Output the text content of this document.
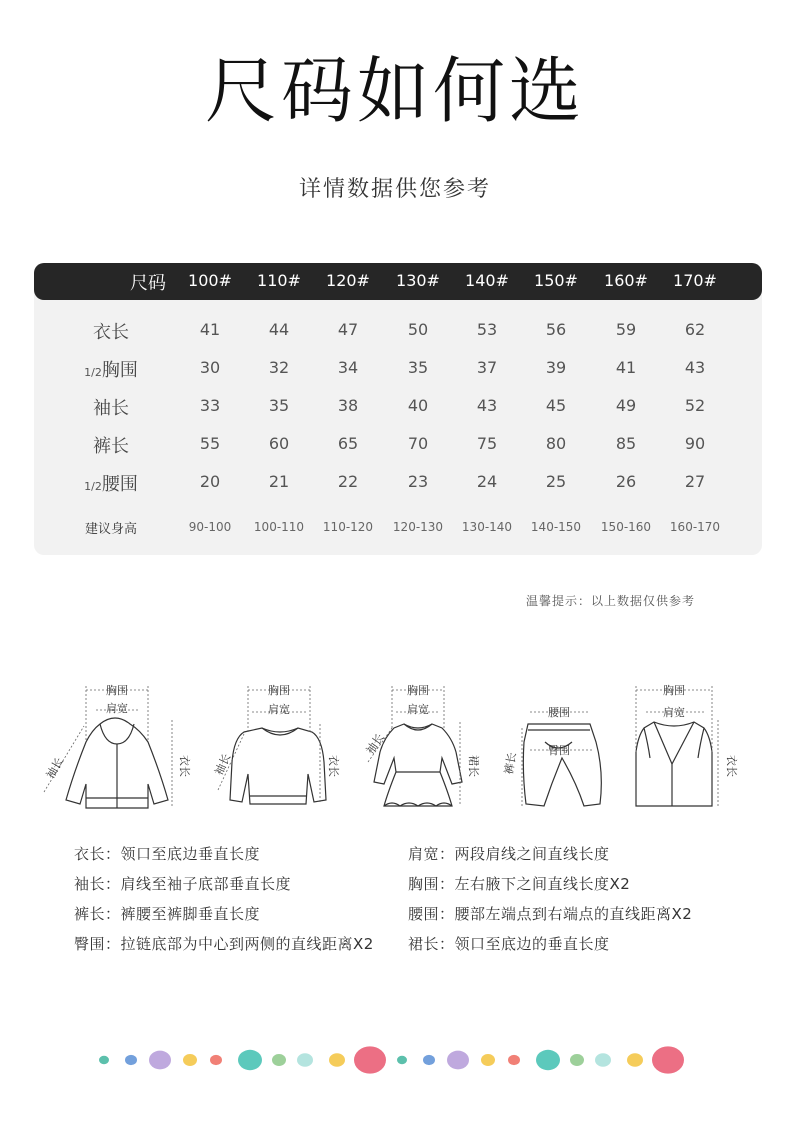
尺码如何选
详情数据供您参考
尺码	100#	110#	120#	130#	140#	150#	160#	170#
衣长	41	44	47	50	53	56	59	62
1/2胸围	30	32	34	35	37	39	41	43
袖长	33	35	38	40	43	45	49	52
裤长	55	60	65	70	75	80	85	90
1/2腰围	20	21	22	23	24	25	26	27
建议身高	90-100	100-110	110-120	120-130	130-140	140-150	150-160	160-170
温馨提示：以上数据仅供参考
胸围
肩宽
袖长	衣长
胸围
肩宽
袖长	衣长
胸围
肩宽
袖长
裙长
腰围
臀围
裤长
胸围
肩宽
衣长
衣长：领口至底边垂直长度
袖长：肩线至袖子底部垂直长度
裤长：裤腰至裤脚垂直长度
臀围：拉链底部为中心到两侧的直线距离X2
肩宽：两段肩线之间直线长度
胸围：左右腋下之间直线长度X2
腰围：腰部左端点到右端点的直线距离X2
裙长：领口至底边的垂直长度
